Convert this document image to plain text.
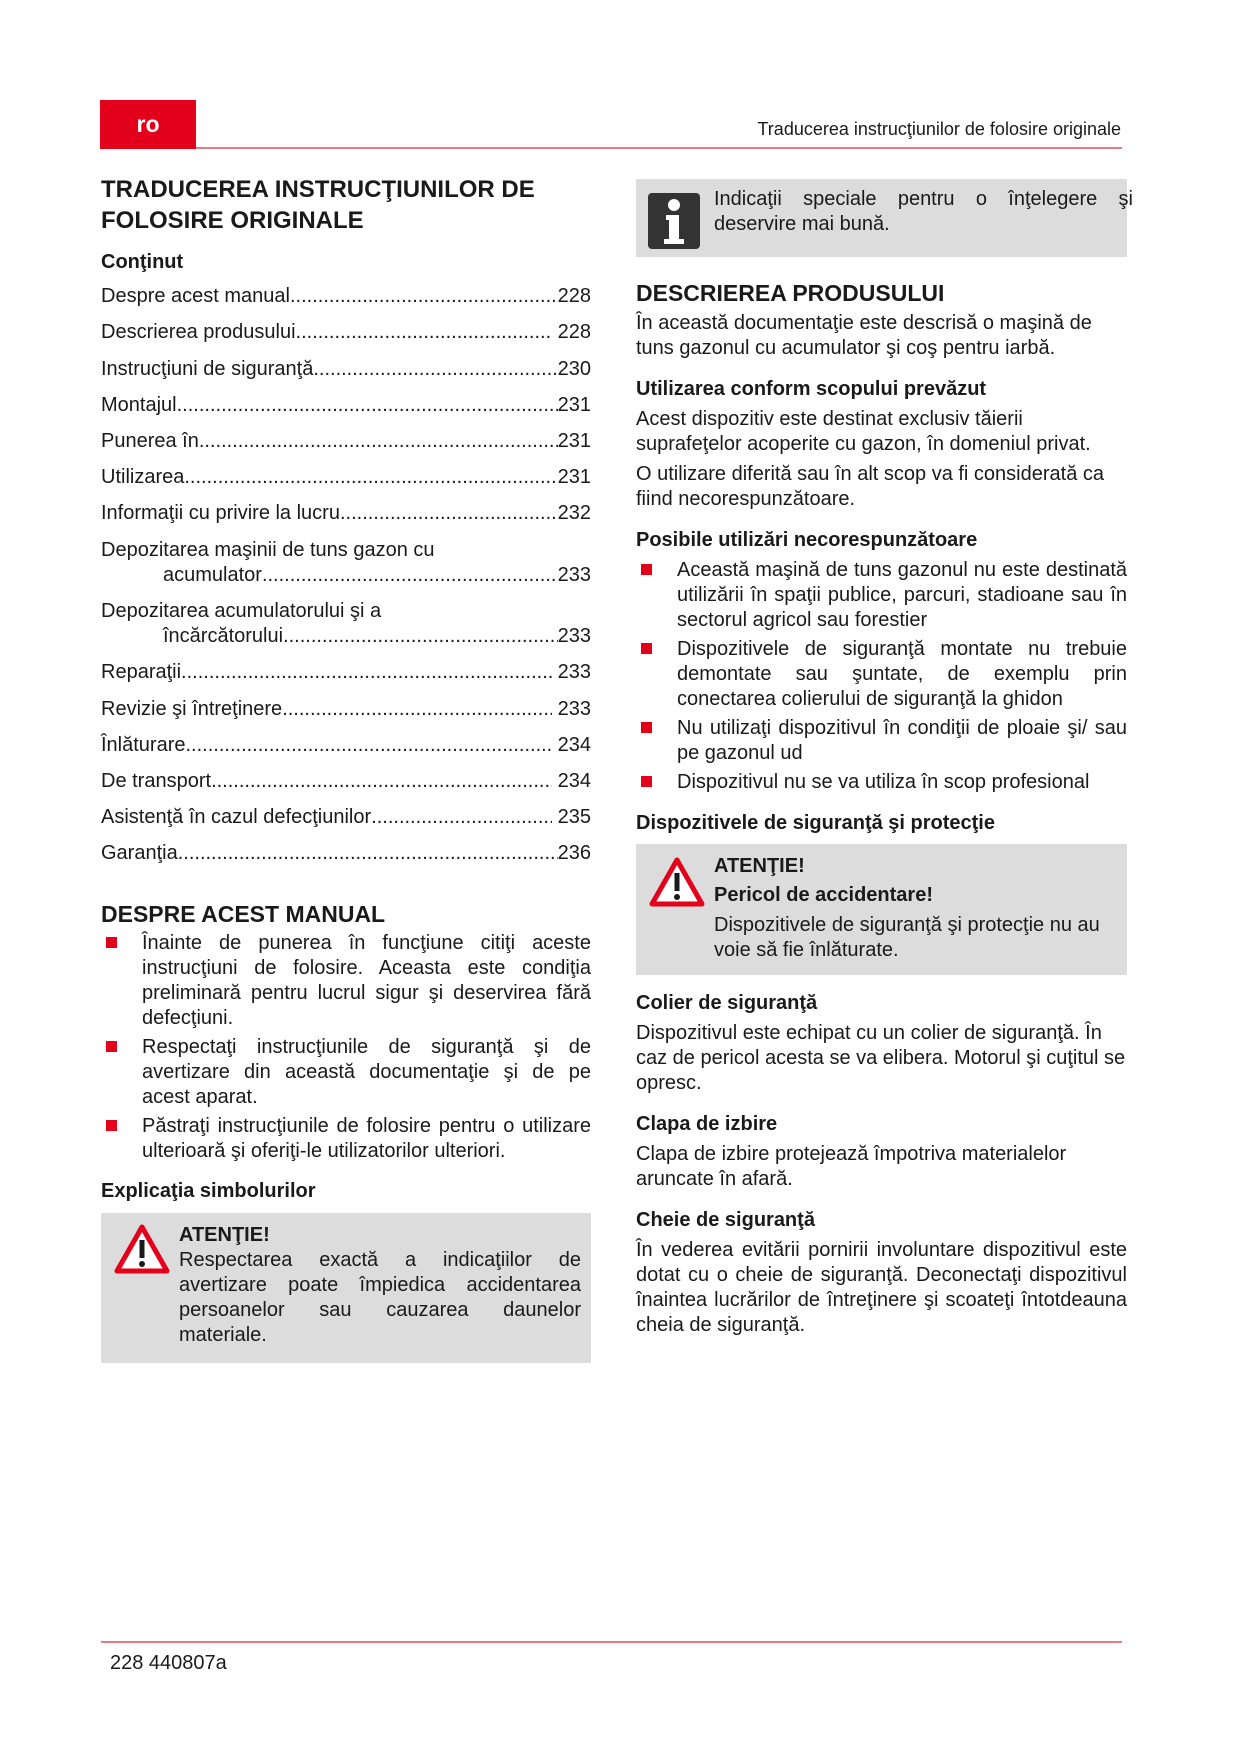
ro	Traducerea instrucţiunilor de folosire originale
TRADUCEREA INSTRUCŢIUNILOR DE
FOLOSIRE ORIGINALE
Conţinut
Despre acest manual .....	228
Descrierea produsului .....	228
Instrucţiuni de siguranţă .....	230
Montajul .....	231
Punerea în .....	231
Utilizarea .....	231
Informaţii cu privire la lucru .....	232
Depozitarea maşinii de tuns gazon cu
acumulator .....	233
Depozitarea acumulatorului şi a
încărcătorului .....	233
Reparaţii .....	233
Revizie şi întreţinere .....	233
Înlăturare .....	234
De transport .....	234
Asistenţă în cazul defecţiunilor .....	235
Garanţia .....	236
DESPRE ACEST MANUAL
Înainte de punerea în funcţiune citiţi aceste instrucţiuni de folosire. Aceasta este condiţia preliminară pentru lucrul sigur şi deservirea fără defecţiuni.
Respectaţi instrucţiunile de siguranţă şi de avertizare din această documentaţie şi de pe acest aparat.
Păstraţi instrucţiunile de folosire pentru o utilizare ulterioară şi oferiţi-le utilizatorilor ulteriori.
Explicaţia simbolurilor
ATENŢIE!

Respectarea exactă a indicaţiilor de avertizare poate împiedica accidentarea persoanelor sau cauzarea daunelor materiale.

Indicaţii speciale pentru o înţelegere şi deservire mai bună.

DESCRIEREA PRODUSULUI

În această documentaţie este descrisă o maşină de tuns gazonul cu acumulator şi coş pentru iarbă.

Utilizarea conform scopului prevăzut

Acest dispozitiv este destinat exclusiv tăierii suprafeţelor acoperite cu gazon, în domeniul privat.

O utilizare diferită sau în alt scop va fi considerată ca fiind necorespunzătoare.

Posibile utilizări necorespunzătoare
Această maşină de tuns gazonul nu este destinată utilizării în spaţii publice, parcuri, stadioane sau în sectorul agricol sau forestier
Dispozitivele de siguranţă montate nu trebuie demontate sau şuntate, de exemplu prin conectarea colierului de siguranţă la ghidon
Nu utilizaţi dispozitivul în condiţii de ploaie şi/ sau pe gazonul ud
Dispozitivul nu se va utiliza în scop profesional
Dispozitivele de siguranţă şi protecţie
ATENŢIE!
Pericol de accidentare!

Dispozitivele de siguranţă şi protecţie nu au voie să fie înlăturate.

Colier de siguranţă

Dispozitivul este echipat cu un colier de siguranţă. În caz de pericol acesta se va elibera. Motorul şi cuţitul se opresc.

Clapa de izbire

Clapa de izbire protejează împotriva materialelor aruncate în afară.

Cheie de siguranţă

În vederea evitării pornirii involuntare dispozitivul este dotat cu o cheie de siguranţă. Deconectaţi dispozitivul înaintea lucrărilor de întreţinere şi scoateţi întotdeauna cheia de siguranţă.

228 440807a
